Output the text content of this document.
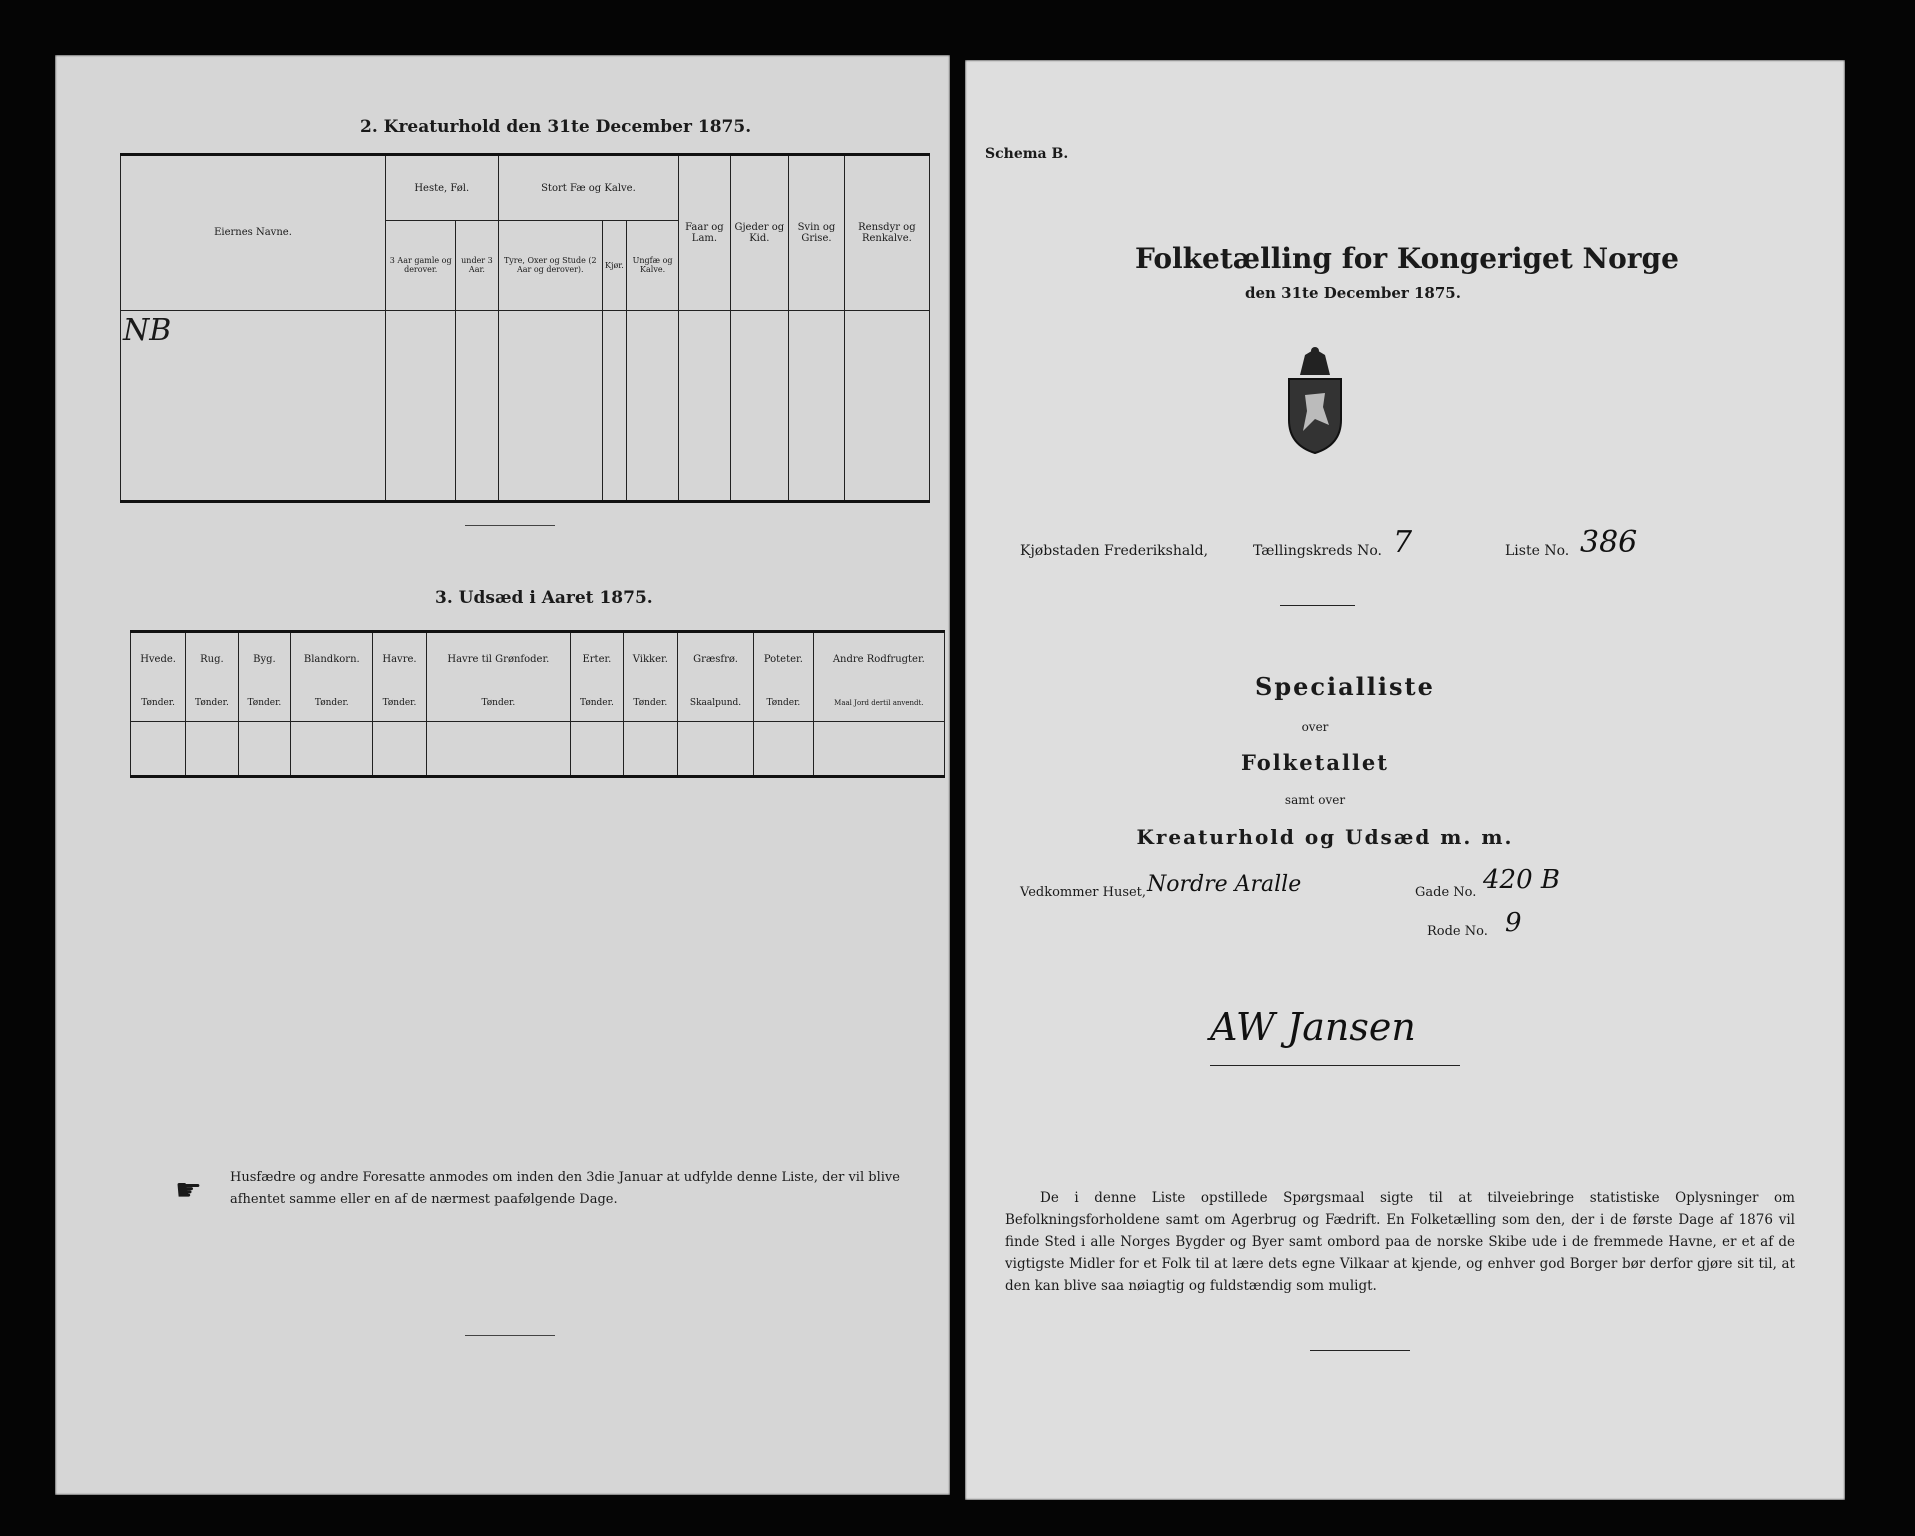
2. Kreaturhold den 31te December 1875.
Eiernes Navne.	Heste, Føl.		Stort Fæ og Kalve.			Faar og Lam.	Gjeder og Kid.	Svin og Grise.	Rensdyr og Renkalve.
	3 Aar gamle og derover.	under 3 Aar.	Tyre, Oxer og Stude (2 Aar og derover).	Kjør.	Ungfæ og Kalve.				
NB									

3. Udsæd i Aaret 1875.
Hvede.	Rug.	Byg.	Blandkorn.	Havre.	Havre til Grønfoder.	Erter.	Vikker.	Græsfrø.	Poteter.	Andre Rodfrugter.
Tønder.	Tønder.	Tønder.	Tønder.	Tønder.	Tønder.	Tønder.	Tønder.	Skaalpund.	Tønder.	Maal Jord dertil anvendt.

☛ Husfædre og andre Foresatte anmodes om inden den 3die Januar at udfylde denne Liste, der vil blive afhentet samme eller en af de nærmest paafølgende Dage.
Schema B.
Folketælling for Kongeriget Norge
den 31te December 1875.
Kjøbstaden Frederikshald,	Tællingskreds No. 7	Liste No. 386
Specialliste
over
Folketallet
samt over
Kreaturhold og Udsæd m. m.
Vedkommer Huset, Nordre Aralle	Gade No. 420 B
Rode No. 9
AW Jansen
De i denne Liste opstillede Spørgsmaal sigte til at tilveiebringe statistiske Oplysninger om Befolkningsforholdene samt om Agerbrug og Fædrift. En Folketælling som den, der i de første Dage af 1876 vil finde Sted i alle Norges Bygder og Byer samt ombord paa de norske Skibe ude i de fremmede Havne, er et af de vigtigste Midler for et Folk til at lære dets egne Vilkaar at kjende, og enhver god Borger bør derfor gjøre sit til, at den kan blive saa nøiagtig og fuldstændig som muligt.
